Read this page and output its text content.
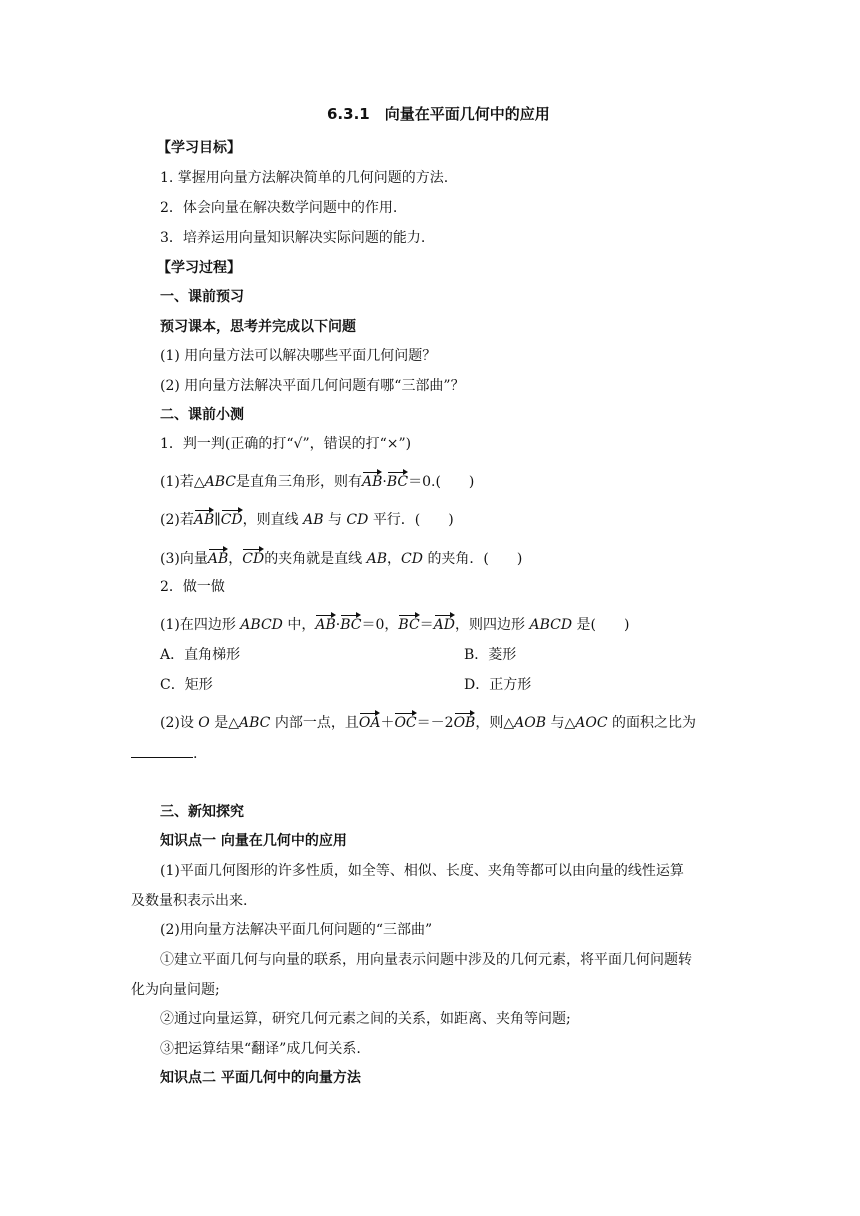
6.3.1　向量在平面几何中的应用
【学习目标】
1. 掌握用向量方法解决简单的几何问题的方法.
2．体会向量在解决数学问题中的作用.
3．培养运用向量知识解决实际问题的能力.
【学习过程】
一、课前预习
预习课本，思考并完成以下问题
(1) 用向量方法可以解决哪些平面几何问题？
(2) 用向量方法解决平面几何问题有哪“三部曲”？
二、课前小测
1．判一判(正确的打“√”，错误的打“×”)
(1)若△ABC是直角三角形，则有AB·BC＝0.(　　)
(2)若AB∥CD，则直线 AB 与 CD 平行．(　　)
(3)向量AB，CD的夹角就是直线 AB，CD 的夹角．(　　)
2．做一做
(1)在四边形 ABCD 中，AB·BC＝0，BC＝AD，则四边形 ABCD 是(　　)
A．直角梯形	B．菱形
C．矩形	D．正方形
(2)设 O 是△ABC 内部一点，且OA＋OC＝－2OB，则△AOB 与△AOC 的面积之比为
.
三、新知探究
知识点一 向量在几何中的应用
(1)平面几何图形的许多性质，如全等、相似、长度、夹角等都可以由向量的线性运算
及数量积表示出来.
(2)用向量方法解决平面几何问题的“三部曲”
①建立平面几何与向量的联系，用向量表示问题中涉及的几何元素，将平面几何问题转
化为向量问题;
②通过向量运算，研究几何元素之间的关系，如距离、夹角等问题;
③把运算结果“翻译”成几何关系.
知识点二 平面几何中的向量方法
